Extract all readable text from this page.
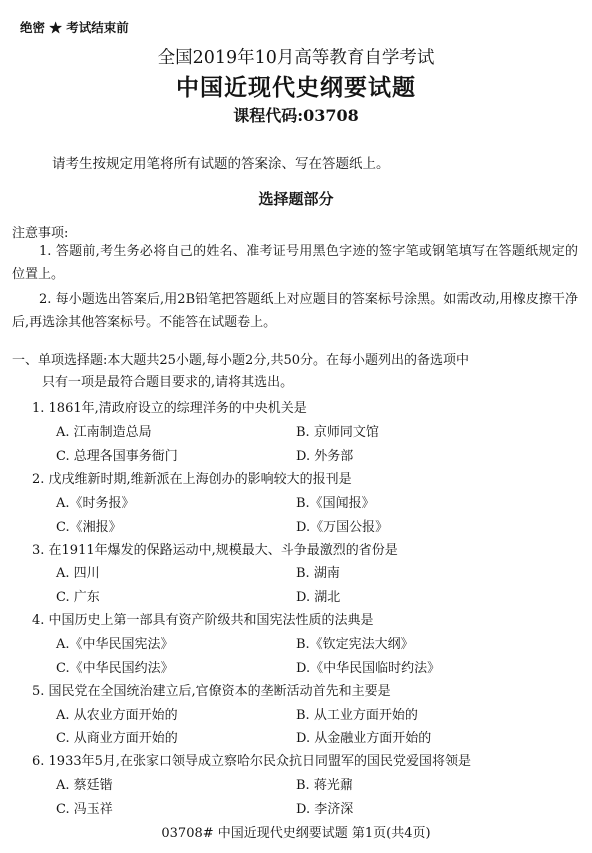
绝密 ★ 考试结束前
全国2019年10月高等教育自学考试
中国近现代史纲要试题
课程代码:03708
请考生按规定用笔将所有试题的答案涂、写在答题纸上。
选择题部分
注意事项:
1. 答题前,考生务必将自己的姓名、准考证号用黑色字迹的签字笔或钢笔填写在答题纸规定的位置上。
2. 每小题选出答案后,用2B铅笔把答题纸上对应题目的答案标号涂黑。如需改动,用橡皮擦干净后,再选涂其他答案标号。不能答在试题卷上。
一、单项选择题:本大题共25小题,每小题2分,共50分。在每小题列出的备选项中
只有一项是最符合题目要求的,请将其选出。
1. 1861年,清政府设立的综理洋务的中央机关是
A. 江南制造总局	B. 京师同文馆
C. 总理各国事务衙门	D. 外务部
2. 戊戌维新时期,维新派在上海创办的影响较大的报刊是
A.《时务报》	B.《国闻报》
C.《湘报》	D.《万国公报》
3. 在1911年爆发的保路运动中,规模最大、斗争最激烈的省份是
A. 四川	B. 湖南
C. 广东	D. 湖北
4. 中国历史上第一部具有资产阶级共和国宪法性质的法典是
A.《中华民国宪法》	B.《钦定宪法大纲》
C.《中华民国约法》	D.《中华民国临时约法》
5. 国民党在全国统治建立后,官僚资本的垄断活动首先和主要是
A. 从农业方面开始的	B. 从工业方面开始的
C. 从商业方面开始的	D. 从金融业方面开始的
6. 1933年5月,在张家口领导成立察哈尔民众抗日同盟军的国民党爱国将领是
A. 蔡廷锴	B. 蒋光鼐
C. 冯玉祥	D. 李济深
03708# 中国近现代史纲要试题 第1页(共4页)
